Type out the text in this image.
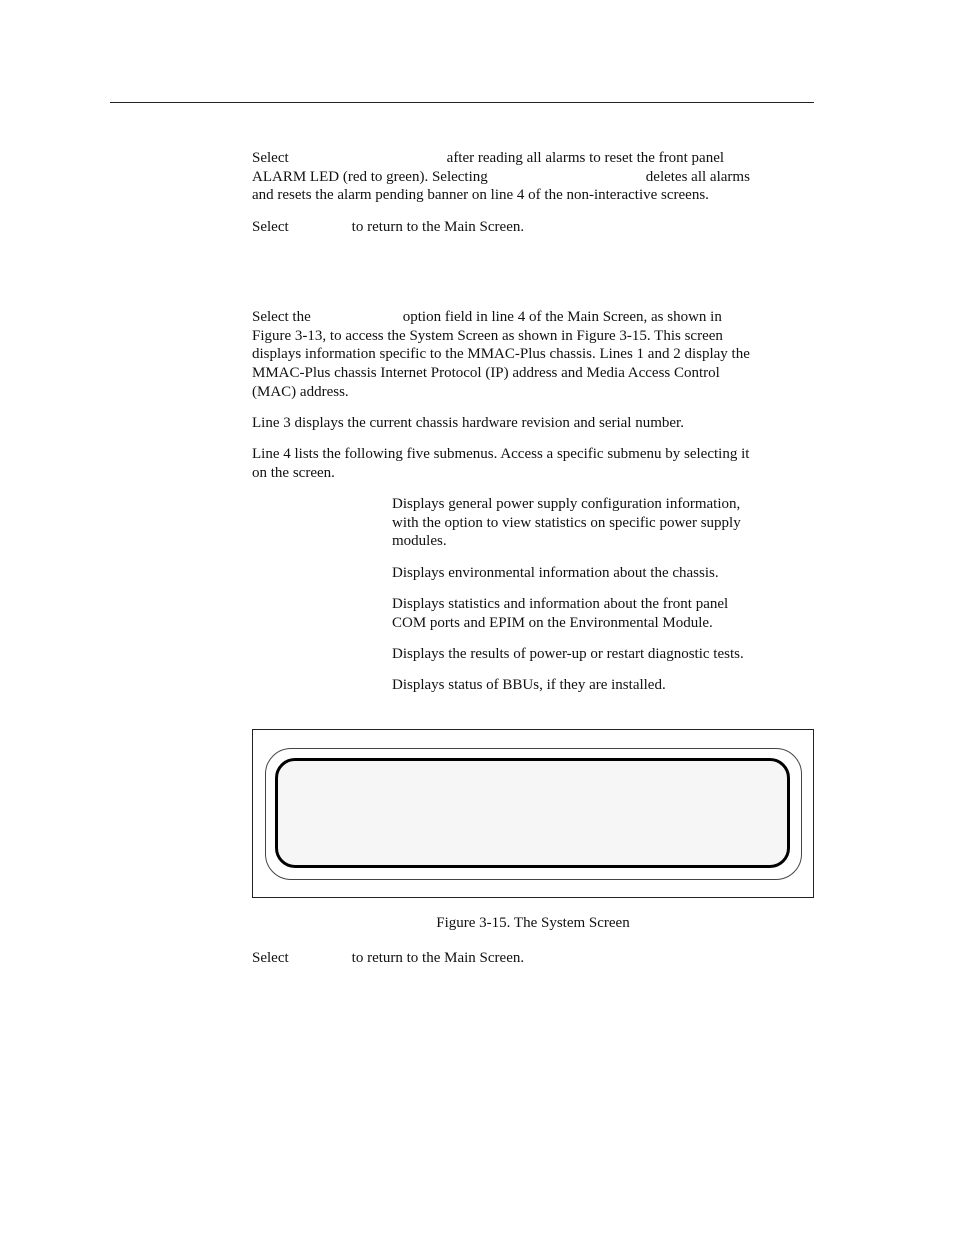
Select	after reading all alarms to reset the front panel
ALARM LED (red to green). Selecting	deletes all alarms
and resets the alarm pending banner on line 4 of the non-interactive screens.
Select	to return to the Main Screen.
Select the	option field in line 4 of the Main Screen, as shown in
Figure 3-13, to access the System Screen as shown in Figure 3-15. This screen
displays information specific to the MMAC-Plus chassis. Lines 1 and 2 display the
MMAC-Plus chassis Internet Protocol (IP) address and Media Access Control
(MAC) address.
Line 3 displays the current chassis hardware revision and serial number.
Line 4 lists the following five submenus. Access a specific submenu by selecting it
on the screen.
Displays general power supply configuration information,
with the option to view statistics on specific power supply
modules.
Displays environmental information about the chassis.
Displays statistics and information about the front panel
COM ports and EPIM on the Environmental Module.
Displays the results of power-up or restart diagnostic tests.
Displays status of BBUs, if they are installed.

Figure 3-15. The System Screen

Select	to return to the Main Screen.
